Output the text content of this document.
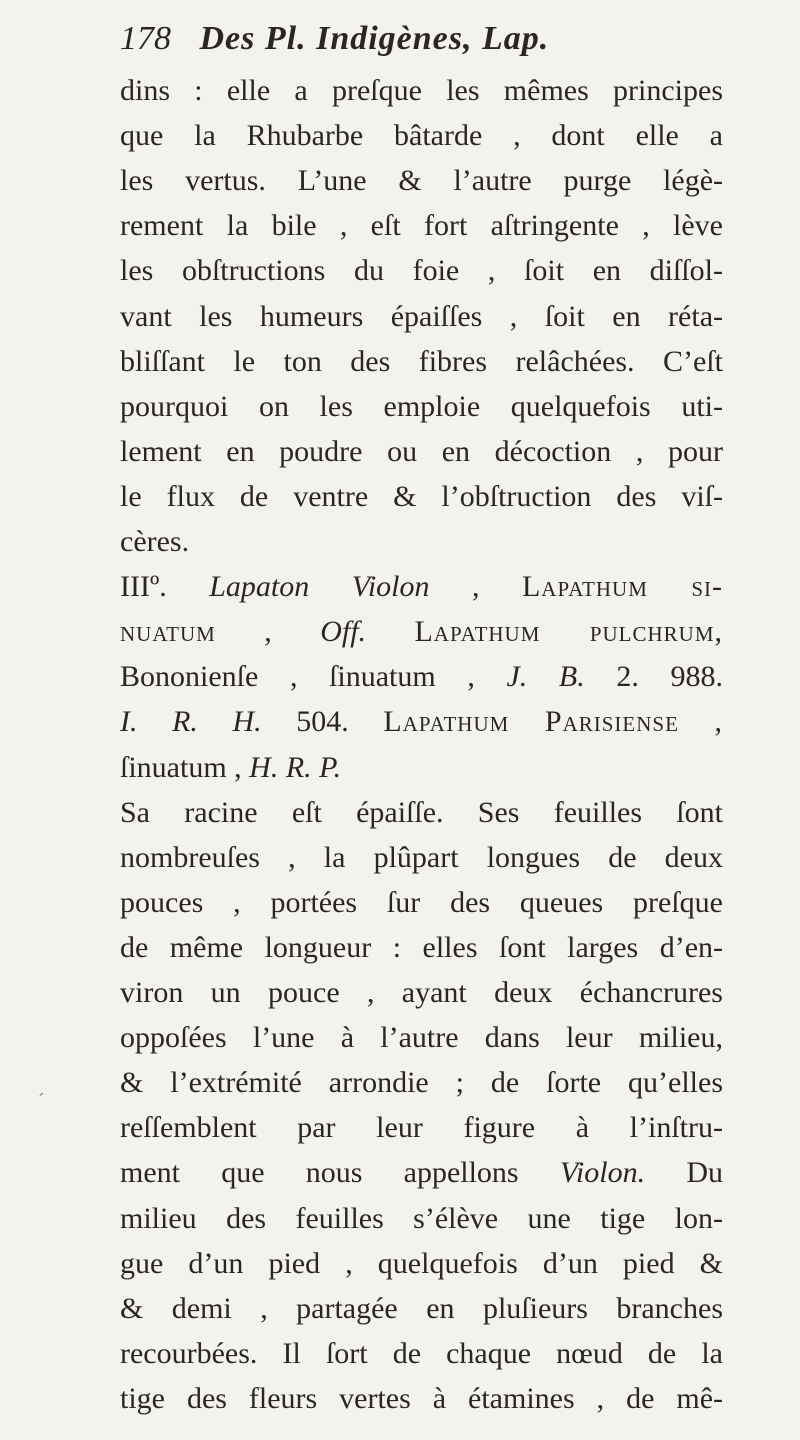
178 Des Pl. Indigènes, Lap.
dins : elle a preſque les mêmes principes
que la Rhubarbe bâtarde , dont elle a
les vertus. L’une & l’autre purge légè-
rement la bile , eſt fort aſtringente , lève
les obſtructions du foie , ſoit en diſſol-
vant les humeurs épaiſſes , ſoit en réta-
bliſſant le ton des fibres relâchées. C’eſt
pourquoi on les emploie quelquefois uti-
lement en poudre ou en décoction , pour
le flux de ventre & l’obſtruction des viſ-
cères.
IIIº. Lapaton Violon , Lapathum si-
nuatum , Off. Lapathum pulchrum,
Bononienſe , ſinuatum , J. B. 2. 988.
I. R. H. 504. Lapathum Parisiense ,
ſinuatum , H. R. P.
Sa racine eſt épaiſſe. Ses feuilles ſont
nombreuſes , la plûpart longues de deux
pouces , portées ſur des queues preſque
de même longueur : elles ſont larges d’en-
viron un pouce , ayant deux échancrures
oppoſées l’une à l’autre dans leur milieu,
& l’extrémité arrondie ; de ſorte qu’elles
reſſemblent par leur figure à l’inſtru-
ment que nous appellons Violon. Du
milieu des feuilles s’élève une tige lon-
gue d’un pied , quelquefois d’un pied &
& demi , partagée en pluſieurs branches
recourbées. Il ſort de chaque nœud de la
tige des fleurs vertes à étamines , de mê-
´
